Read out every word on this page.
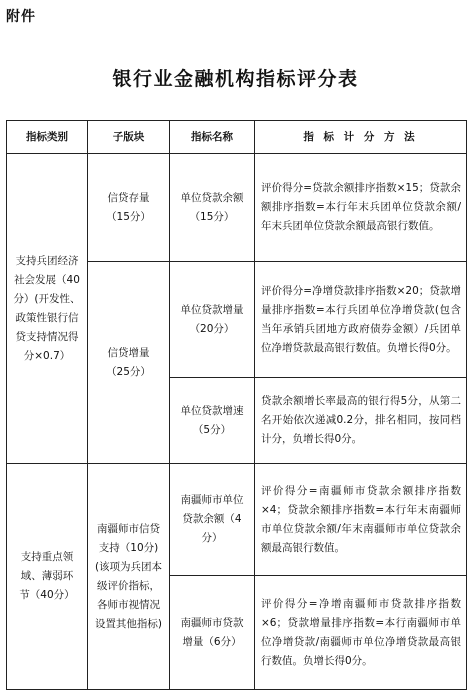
附件
银行业金融机构指标评分表
指标类别	子版块	指标名称	指 标 计 分 方 法
支持兵团经济社会发展（40分）(开发性、政策性银行信贷支持情况得分×0.7）	信贷存量（15分）	单位贷款余额（15分）	评价得分=贷款余额排序指数×15；贷款余额排序指数=本行年末兵团单位贷款余额/年末兵团单位贷款余额最高银行数值。
	信贷增量（25分）	单位贷款增量（20分）	评价得分=净增贷款排序指数×20；贷款增量排序指数=本行兵团单位净增贷款(包含当年承销兵团地方政府债券金额）/兵团单位净增贷款最高银行数值。负增长得0分。
		单位贷款增速（5分）	贷款余额增长率最高的银行得5分，从第二名开始依次递减0.2分，排名相同，按同档计分，负增长得0分。
支持重点领域、薄弱环 节（40分）	南疆师市信贷支持（10分)(该项为兵团本级评价指标，各师市视情况设置其他指标)	南疆师市单位贷款余额（4分）	评价得分=南疆师市贷款余额排序指数×4；贷款余额排序指数=本行年末南疆师市单位贷款余额/年末南疆师市单位贷款余额最高银行数值。
		南疆师市贷款增量（6分）	评价得分=净增南疆师市贷款排序指数×6；贷款增量排序指数=本行南疆师市单位净增贷款/南疆师市单位净增贷款最高银行数值。负增长得0分。
